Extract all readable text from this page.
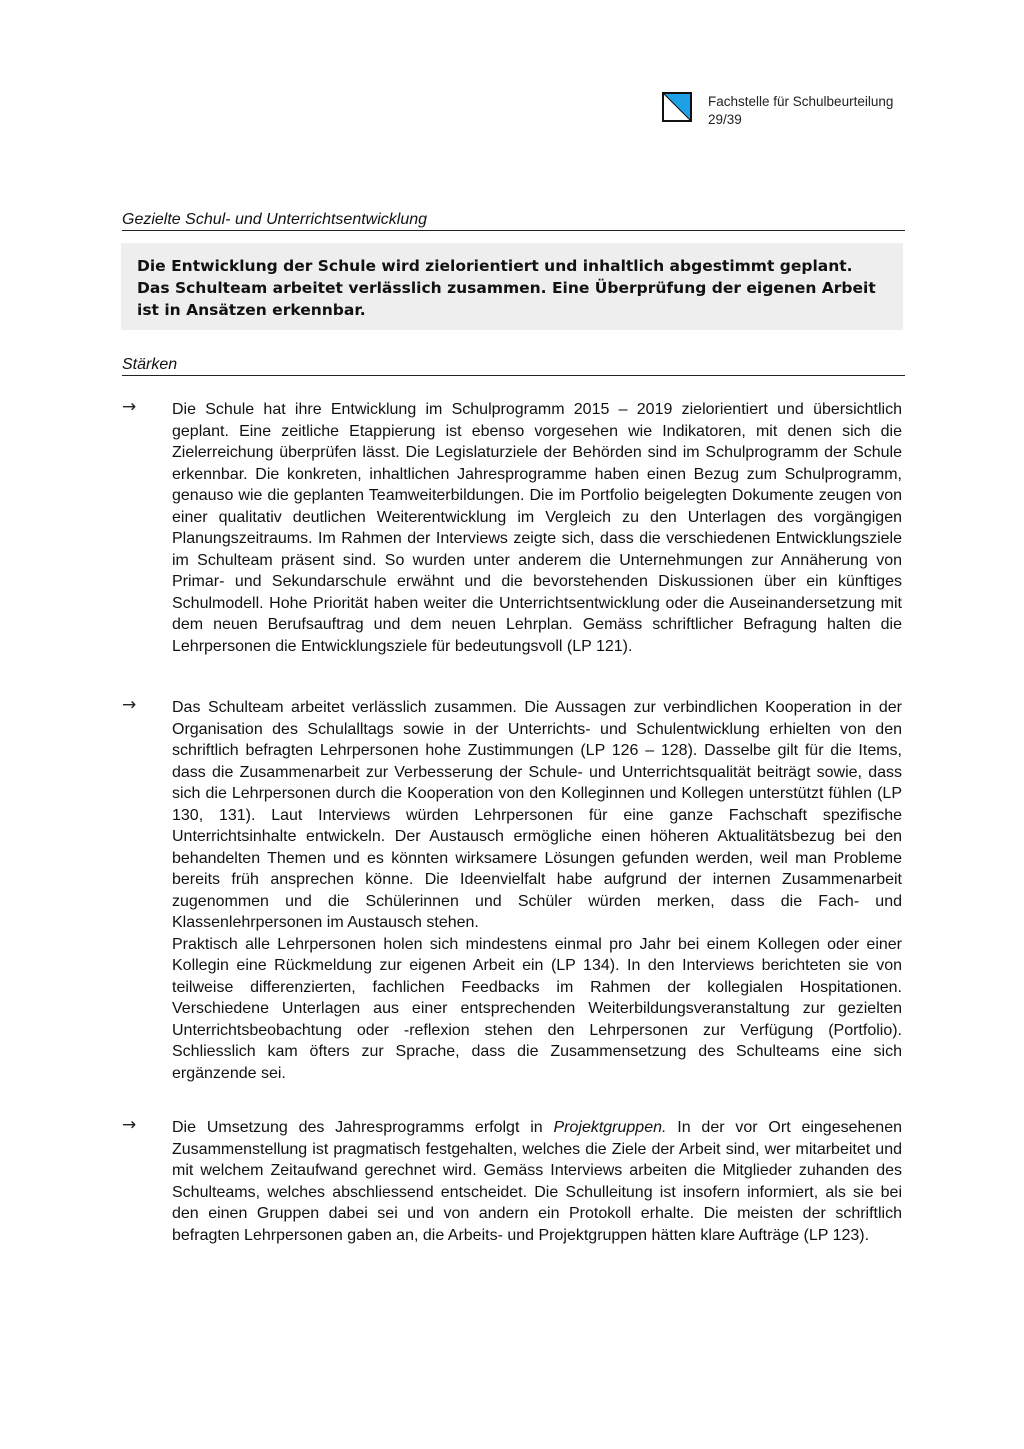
Fachstelle für Schulbeurteilung
29/39
Gezielte Schul- und Unterrichtsentwicklung
Die Entwicklung der Schule wird zielorientiert und inhaltlich abgestimmt geplant. Das Schulteam arbeitet verlässlich zusammen. Eine Überprüfung der eigenen Arbeit ist in Ansätzen erkennbar.
Stärken
→ Die Schule hat ihre Entwicklung im Schulprogramm 2015 – 2019 zielorientiert und übersichtlich geplant. Eine zeitliche Etappierung ist ebenso vorgesehen wie Indikatoren, mit denen sich die Zielerreichung überprüfen lässt. Die Legislaturziele der Behörden sind im Schulprogramm der Schule erkennbar. Die konkreten, inhaltlichen Jahresprogramme haben einen Bezug zum Schulprogramm, genauso wie die geplanten Teamweiterbildungen. Die im Portfolio beigelegten Dokumente zeugen von einer qualitativ deutlichen Weiterentwicklung im Vergleich zu den Unterlagen des vorgängigen Planungszeitraums. Im Rahmen der Interviews zeigte sich, dass die verschiedenen Entwicklungsziele im Schulteam präsent sind. So wurden unter anderem die Unternehmungen zur Annäherung von Primar- und Sekundarschule erwähnt und die bevorstehenden Diskussionen über ein künftiges Schulmodell. Hohe Priorität haben weiter die Unterrichtsentwicklung oder die Auseinandersetzung mit dem neuen Berufsauftrag und dem neuen Lehrplan. Gemäss schriftlicher Befragung halten die Lehrpersonen die Entwicklungsziele für bedeutungsvoll (LP 121).

→ Das Schulteam arbeitet verlässlich zusammen. Die Aussagen zur verbindlichen Kooperation in der Organisation des Schulalltags sowie in der Unterrichts- und Schulentwicklung erhielten von den schriftlich befragten Lehrpersonen hohe Zustimmungen (LP 126 – 128). Dasselbe gilt für die Items, dass die Zusammenarbeit zur Verbesserung der Schule- und Unterrichtsqualität beiträgt sowie, dass sich die Lehrpersonen durch die Kooperation von den Kolleginnen und Kollegen unterstützt fühlen (LP 130, 131). Laut Interviews würden Lehrpersonen für eine ganze Fachschaft spezifische Unterrichtsinhalte entwickeln. Der Austausch ermögliche einen höheren Aktualitätsbezug bei den behandelten Themen und es könnten wirksamere Lösungen gefunden werden, weil man Probleme bereits früh ansprechen könne. Die Ideenvielfalt habe aufgrund der internen Zusammenarbeit zugenommen und die Schülerinnen und Schüler würden merken, dass die Fach- und Klassenlehrpersonen im Austausch stehen.

Praktisch alle Lehrpersonen holen sich mindestens einmal pro Jahr bei einem Kollegen oder einer Kollegin eine Rückmeldung zur eigenen Arbeit ein (LP 134). In den Interviews berichteten sie von teilweise differenzierten, fachlichen Feedbacks im Rahmen der kollegialen Hospitationen. Verschiedene Unterlagen aus einer entsprechenden Weiterbildungsveranstaltung zur gezielten Unterrichtsbeobachtung oder -reflexion stehen den Lehrpersonen zur Verfügung (Portfolio). Schliesslich kam öfters zur Sprache, dass die Zusammensetzung des Schulteams eine sich ergänzende sei.

→ Die Umsetzung des Jahresprogramms erfolgt in Projektgruppen. In der vor Ort eingesehenen Zusammenstellung ist pragmatisch festgehalten, welches die Ziele der Arbeit sind, wer mitarbeitet und mit welchem Zeitaufwand gerechnet wird. Gemäss Interviews arbeiten die Mitglieder zuhanden des Schulteams, welches abschliessend entscheidet. Die Schulleitung ist insofern informiert, als sie bei den einen Gruppen dabei sei und von andern ein Protokoll erhalte. Die meisten der schriftlich befragten Lehrpersonen gaben an, die Arbeits- und Projektgruppen hätten klare Aufträge (LP 123).
